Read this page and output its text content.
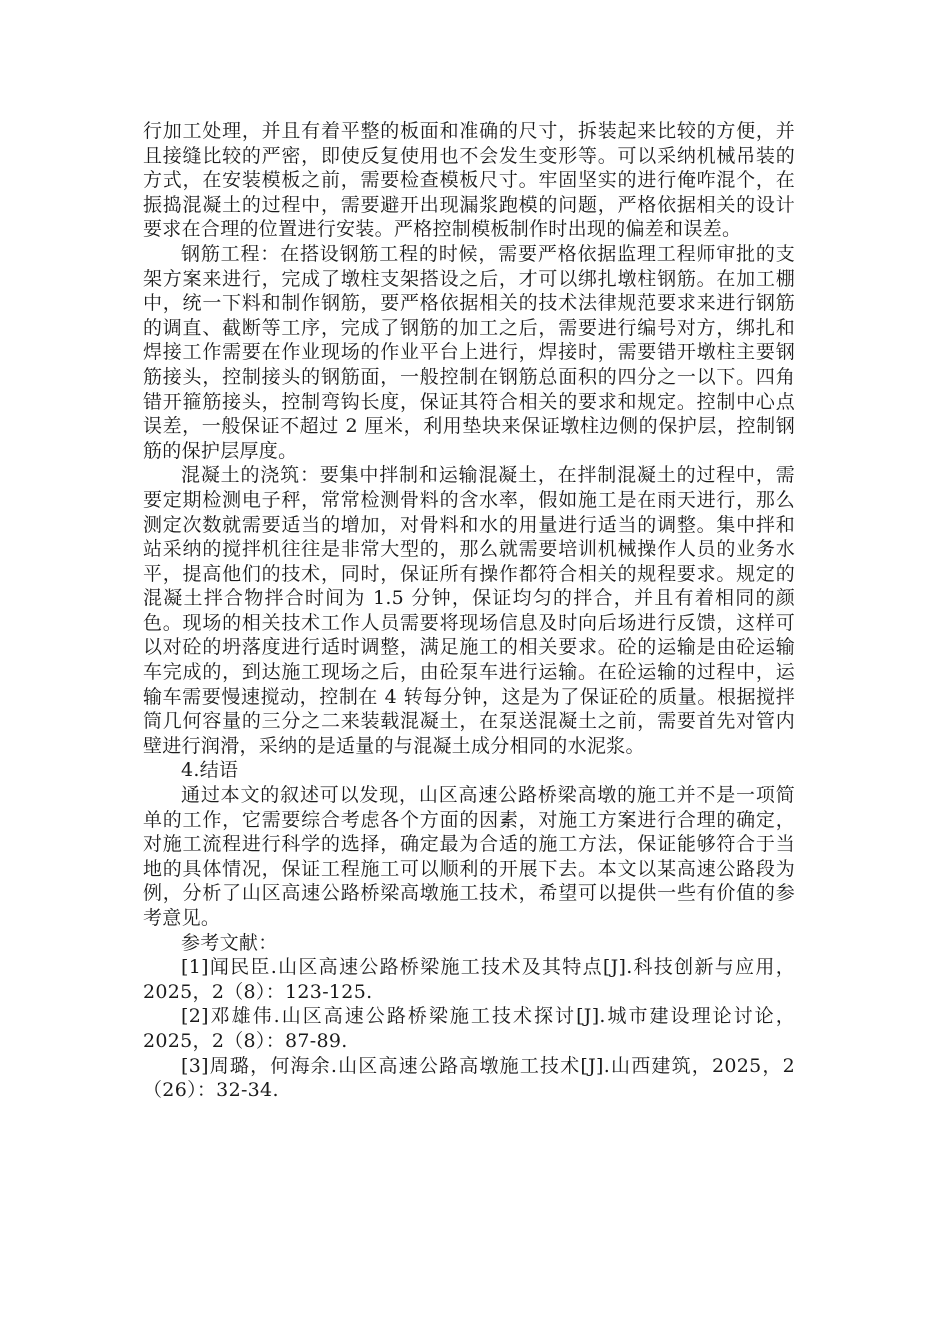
行加工处理，并且有着平整的板面和准确的尺寸，拆装起来比较的方便，并且接缝比较的严密，即使反复使用也不会发生变形等。可以采纳机械吊装的方式，在安装模板之前，需要检查模板尺寸。牢固坚实的进行俺咋混个，在振捣混凝土的过程中，需要避开出现漏浆跑模的问题，严格依据相关的设计要求在合理的位置进行安装。严格控制模板制作时出现的偏差和误差。

钢筋工程：在搭设钢筋工程的时候，需要严格依据监理工程师审批的支架方案来进行，完成了墩柱支架搭设之后，才可以绑扎墩柱钢筋。在加工棚中，统一下料和制作钢筋，要严格依据相关的技术法律规范要求来进行钢筋的调直、截断等工序，完成了钢筋的加工之后，需要进行编号对方，绑扎和焊接工作需要在作业现场的作业平台上进行，焊接时，需要错开墩柱主要钢筋接头，控制接头的钢筋面，一般控制在钢筋总面积的四分之一以下。四角错开箍筋接头，控制弯钩长度，保证其符合相关的要求和规定。控制中心点误差，一般保证不超过 2 厘米，利用垫块来保证墩柱边侧的保护层，控制钢筋的保护层厚度。

混凝土的浇筑：要集中拌制和运输混凝土，在拌制混凝土的过程中，需要定期检测电子秤，常常检测骨料的含水率，假如施工是在雨天进行，那么测定次数就需要适当的增加，对骨料和水的用量进行适当的调整。集中拌和站采纳的搅拌机往往是非常大型的，那么就需要培训机械操作人员的业务水平，提高他们的技术，同时，保证所有操作都符合相关的规程要求。规定的混凝土拌合物拌合时间为 1.5 分钟，保证均匀的拌合，并且有着相同的颜色。现场的相关技术工作人员需要将现场信息及时向后场进行反馈，这样可以对砼的坍落度进行适时调整，满足施工的相关要求。砼的运输是由砼运输车完成的，到达施工现场之后，由砼泵车进行运输。在砼运输的过程中，运输车需要慢速搅动，控制在 4 转每分钟，这是为了保证砼的质量。根据搅拌筒几何容量的三分之二来装载混凝土，在泵送混凝土之前，需要首先对管内壁进行润滑，采纳的是适量的与混凝土成分相同的水泥浆。

4.结语

通过本文的叙述可以发现，山区高速公路桥梁高墩的施工并不是一项简单的工作，它需要综合考虑各个方面的因素，对施工方案进行合理的确定，对施工流程进行科学的选择，确定最为合适的施工方法，保证能够符合于当地的具体情况，保证工程施工可以顺利的开展下去。本文以某高速公路段为例，分析了山区高速公路桥梁高墩施工技术，希望可以提供一些有价值的参考意见。

参考文献：

[1]闻民臣.山区高速公路桥梁施工技术及其特点[J].科技创新与应用，2025，2（8）：123-125.

[2]邓雄伟.山区高速公路桥梁施工技术探讨[J].城市建设理论讨论，2025，2（8）：87-89.

[3]周璐，何海余.山区高速公路高墩施工技术[J].山西建筑，2025，2（26）：32-34.
